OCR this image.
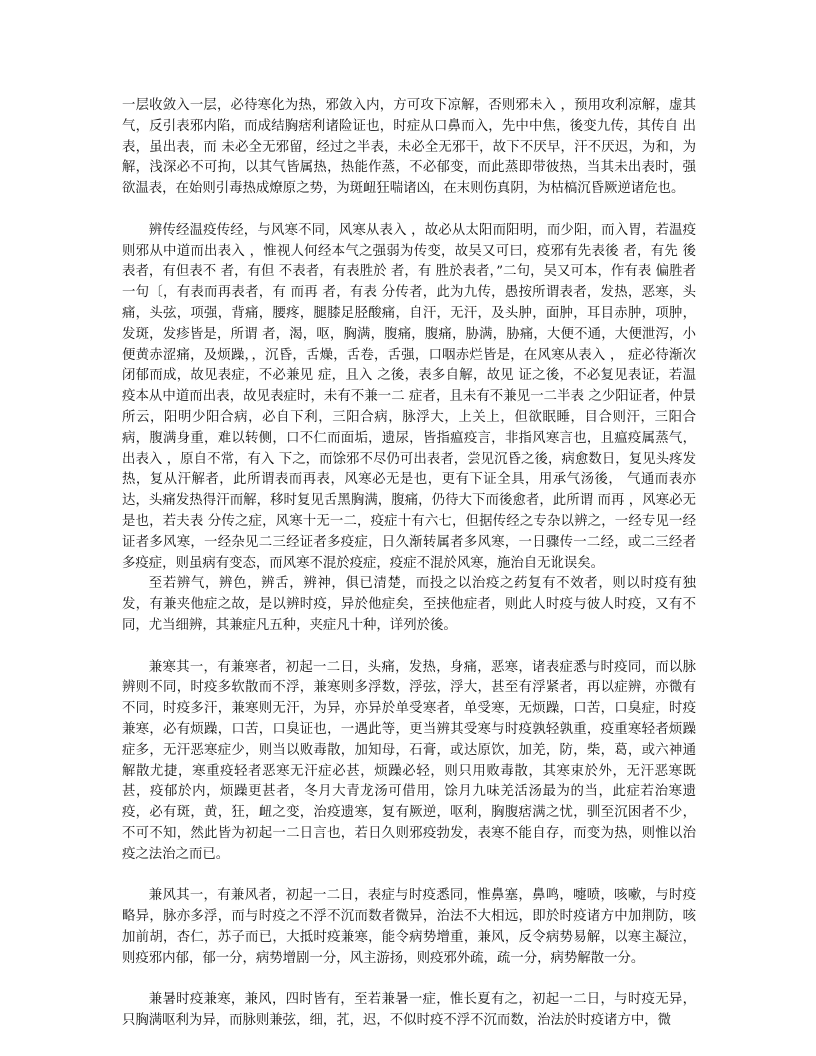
一层收敛入一层，必待寒化为热，邪敛入内，方可攻下凉解，否则邪未入 ，预用攻利凉解，虚其 气，反引表邪内陷，而成结胸痞利诸险证也，时症从口鼻而入，先中中焦，後变九传，其传自 出表，虽出表，而 未必全无邪留，经过之半表，未必全无邪干，故下不厌早，汗不厌迟，为和，为解，浅深必不可拘，以其气皆属热，热能作蒸，不必郁变，而此蒸即带彼热，当其未出表时，强欲温表，在始则引毒热成燎原之势，为斑衄狂喘诸凶，在末则伤真阴，为枯槁沉昏厥逆诸危也。

辨传经温疫传经，与风寒不同，风寒从表入 ，故必从太阳而阳明，而少阳，而入胃，若温疫则邪从中道而出表入 ，惟视人何经本气之强弱为传变，故吴又可曰，疫邪有先表後 者，有先 後表者，有但表不 者，有但 不表者，有表胜於 者，有 胜於表者，”二句，吴又可本，作有表 偏胜者一句〔，有表而再表者，有 而再 者，有表 分传者，此为九传，愚按所谓表者，发热，恶寒，头痛，头弦，项强，背痛，腰疼，腿膝足胫酸痛，自汗，无汗，及头肿，面肿，耳目赤肿，项肿，发斑，发疹皆是，所谓 者，渴，呕，胸满，腹痛，腹痛，胁满，胁痛，大便不通，大便泄泻，小便黄赤涩痛，及烦躁，，沉昏，舌燥，舌卷，舌强，口咽赤烂皆是，在风寒从表入 ， 症必待渐次闭郁而成，故见表症，不必兼见 症，且入 之後，表多自解，故见 证之後，不必复见表证，若温疫本从中道而出表，故见表症时，未有不兼一二 症者，且未有不兼见一二半表 之少阳证者，仲景所云，阳明少阳合病，必自下利，三阳合病，脉浮大，上关上，但欲眠睡，目合则汗，三阳合病，腹满身重，难以转侧，口不仁而面垢，遗尿，皆指瘟疫言，非指风寒言也，且瘟疫属蒸气，出表入 ，原自不常，有入 下之，而馀邪不尽仍可出表者，尝见沉昏之後，病愈数日，复见头疼发热，复从汗解者，此所谓表而再表，风寒必无是也，更有下证全具，用承气汤後， 气通而表亦达，头痛发热得汗而解，移时复见舌黑胸满，腹痛，仍待大下而後愈者，此所谓 而再 ，风寒必无是也，若夫表 分传之症，风寒十无一二，疫症十有六七，但据传经之专杂以辨之，一经专见一经证者多风寒，一经杂见二三经证者多疫症，日久渐转属者多风寒，一日骤传一二经，或二三经者多疫症，则虽病有变态，而风寒不混於疫症，疫症不混於风寒，施治自无讹误矣。

至若辨气，辨色，辨舌，辨神，俱已清楚，而投之以治疫之药复有不效者，则以时疫有独发，有兼夹他症之故，是以辨时疫，异於他症矣，至挟他症者，则此人时疫与彼人时疫，又有不同，尤当细辨，其兼症凡五种，夹症凡十种，详列於後。

兼寒其一，有兼寒者，初起一二日，头痛，发热，身痛，恶寒，诸表症悉与时疫同，而以脉辨则不同，时疫多软散而不浮，兼寒则多浮数，浮弦，浮大，甚至有浮紧者，再以症辨，亦微有不同，时疫多汗，兼寒则无汗，为异，亦异於单受寒者，单受寒，无烦躁，口苦，口臭症，时疫兼寒，必有烦躁，口苦，口臭证也，一遇此等，更当辨其受寒与时疫孰轻孰重，疫重寒轻者烦躁症多，无汗恶寒症少，则当以败毒散，加知母，石膏，或达原饮，加羌，防，柴，葛，或六神通解散尤捷，寒重疫轻者恶寒无汗症必甚，烦躁必轻，则只用败毒散，其寒束於外，无汗恶寒既甚，疫郁於内，烦躁更甚者，冬月大青龙汤可借用，馀月九味羌活汤最为的当，此症若治寒遗疫，必有斑，黄，狂，衄之变，治疫遗寒，复有厥逆，呕利，胸腹痞满之忧，驯至沉困者不少，不可不知，然此皆为初起一二日言也，若日久则邪疫勃发，表寒不能自存，而变为热，则惟以治疫之法治之而已。

兼风其一，有兼风者，初起一二日，表症与时疫悉同，惟鼻塞，鼻鸣，嚏喷，咳嗽，与时疫略异，脉亦多浮，而与时疫之不浮不沉而数者微异，治法不大相远，即於时疫诸方中加荆防，咳加前胡，杏仁，苏子而已，大抵时疫兼寒，能令病势增重，兼风，反令病势易解，以寒主凝泣，则疫邪内郁，郁一分，病势增剧一分，风主游扬，则疫邪外疏，疏一分，病势解散一分。

兼暑时疫兼寒，兼风，四时皆有，至若兼暑一症，惟长夏有之，初起一二日，与时疫无异，只胸满呕利为异，而脉则兼弦，细，芤，迟，不似时疫不浮不沉而数，治法於时疫诸方中，微
